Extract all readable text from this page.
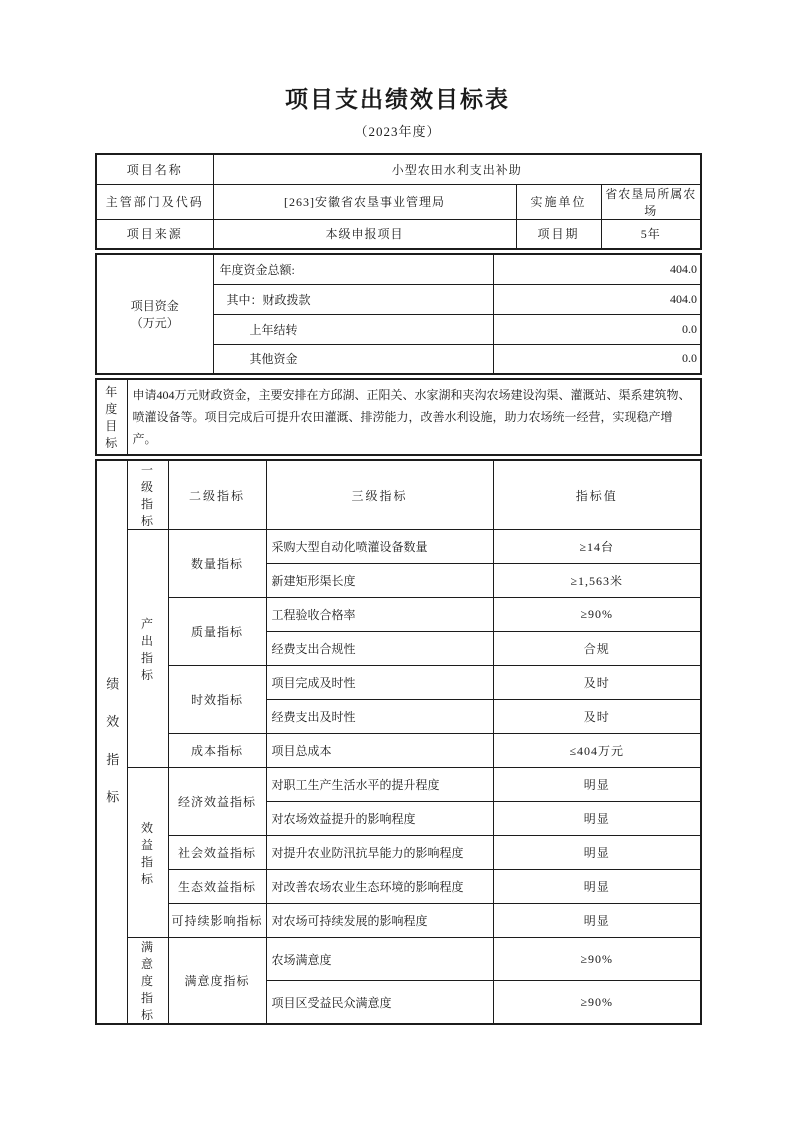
项目支出绩效目标表
（2023年度）
项目名称	小型农田水利支出补助		
主管部门及代码	[263]安徽省农垦事业管理局	实施单位	省农垦局所属农场
项目来源	本级申报项目	项目期	5年
项目资金（万元）	年度资金总额:	404.0
	其中：财政拨款	404.0
	上年结转	0.0
	其他资金	0.0
年度目标	申请404万元财政资金，主要安排在方邱湖、正阳关、水家湖和夹沟农场建设沟渠、灌溉站、渠系建筑物、喷灌设备等。项目完成后可提升农田灌溉、排涝能力，改善水利设施，助力农场统一经营，实现稳产增产。
绩效指标	一级指标	二级指标	三级指标	指标值
	产出指标	数量指标	采购大型自动化喷灌设备数量	≥14台
			新建矩形渠长度	≥1,563米
		质量指标	工程验收合格率	≥90%
			经费支出合规性	合规
		时效指标	项目完成及时性	及时
			经费支出及时性	及时
		成本指标	项目总成本	≤404万元
	效益指标	经济效益指标	对职工生产生活水平的提升程度	明显
			对农场效益提升的影响程度	明显
		社会效益指标	对提升农业防汛抗旱能力的影响程度	明显
		生态效益指标	对改善农场农业生态环境的影响程度	明显
		可持续影响指标	对农场可持续发展的影响程度	明显
	满意度指标	满意度指标	农场满意度	≥90%
			项目区受益民众满意度	≥90%
